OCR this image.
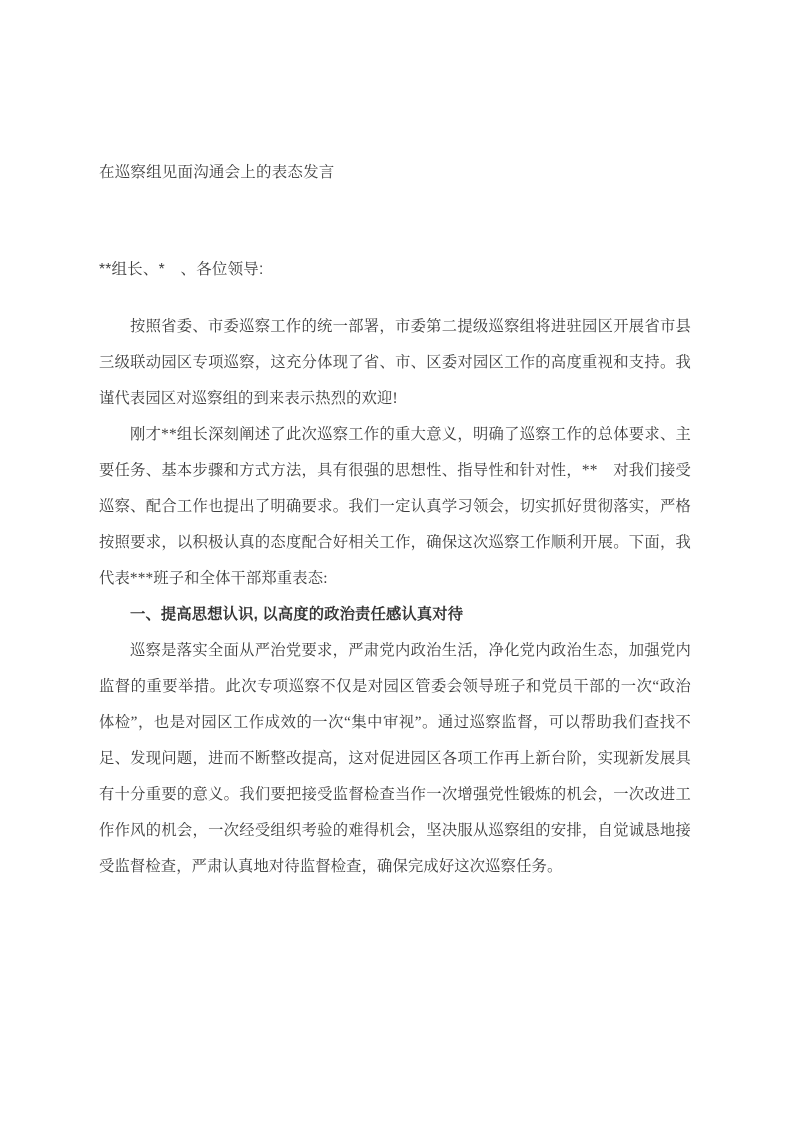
在巡察组见面沟通会上的表态发言
**组长、*　、各位领导:

按照省委、市委巡察工作的统一部署，市委第二提级巡察组将进驻园区开展省市县三级联动园区专项巡察，这充分体现了省、市、区委对园区工作的高度重视和支持。我谨代表园区对巡察组的到来表示热烈的欢迎!

刚才**组长深刻阐述了此次巡察工作的重大意义，明确了巡察工作的总体要求、主要任务、基本步骤和方式方法，具有很强的思想性、指导性和针对性，**　对我们接受巡察、配合工作也提出了明确要求。我们一定认真学习领会，切实抓好贯彻落实，严格按照要求，以积极认真的态度配合好相关工作，确保这次巡察工作顺利开展。下面，我代表***班子和全体干部郑重表态:

一、提高思想认识, 以高度的政治责任感认真对待

巡察是落实全面从严治党要求，严肃党内政治生活，净化党内政治生态，加强党内监督的重要举措。此次专项巡察不仅是对园区管委会领导班子和党员干部的一次“政治体检”，也是对园区工作成效的一次“集中审视”。通过巡察监督，可以帮助我们查找不足、发现问题，进而不断整改提高，这对促进园区各项工作再上新台阶，实现新发展具有十分重要的意义。我们要把接受监督检查当作一次增强党性锻炼的机会，一次改进工作作风的机会，一次经受组织考验的难得机会，坚决服从巡察组的安排，自觉诚恳地接受监督检查，严肃认真地对待监督检查，确保完成好这次巡察任务。
